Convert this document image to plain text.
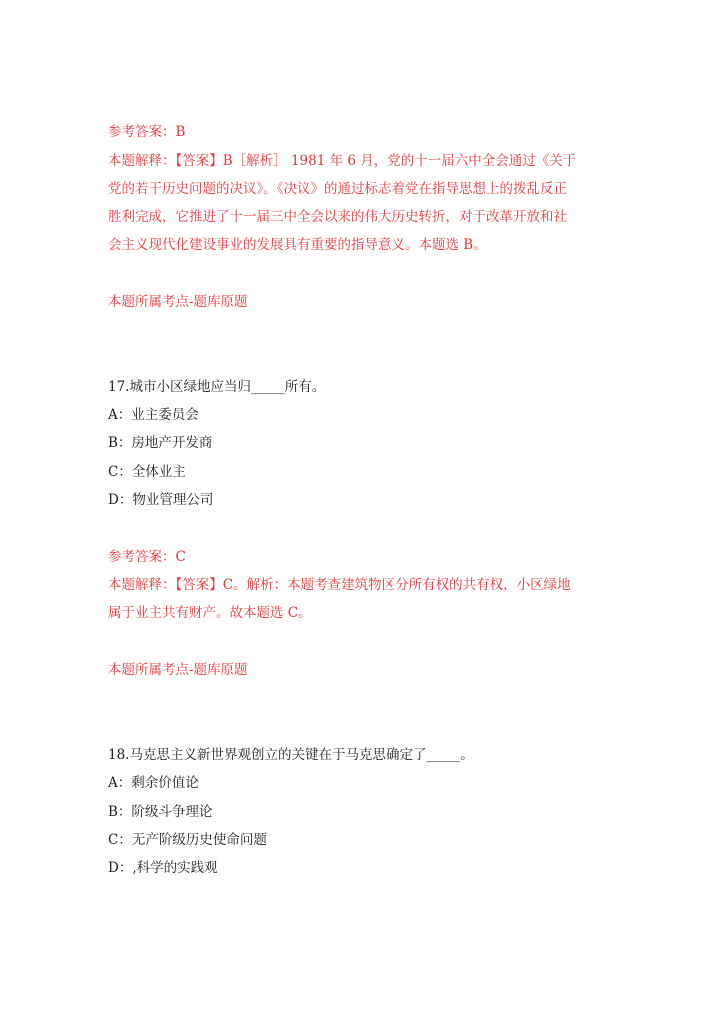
参考答案：B
本题解释：【答案】B［解析］ 1981 年 6 月，党的十一届六中全会通过《关于
党的若干历史问题的决议》。《决议》的通过标志着党在指导思想上的拨乱反正
胜利完成，它推进了十一届三中全会以来的伟大历史转折，对于改革开放和社
会主义现代化建设事业的发展具有重要的指导意义。本题选 B。
本题所属考点-题库原题
17.城市小区绿地应当归_____所有。
A：业主委员会
B：房地产开发商
C：全体业主
D：物业管理公司
参考答案：C
本题解释：【答案】C。解析：本题考查建筑物区分所有权的共有权，小区绿地
属于业主共有财产。故本题选 C。
本题所属考点-题库原题
18.马克思主义新世界观创立的关键在于马克思确定了_____。
A：剩余价值论
B：阶级斗争理论
C：无产阶级历史使命问题
D：,科学的实践观
